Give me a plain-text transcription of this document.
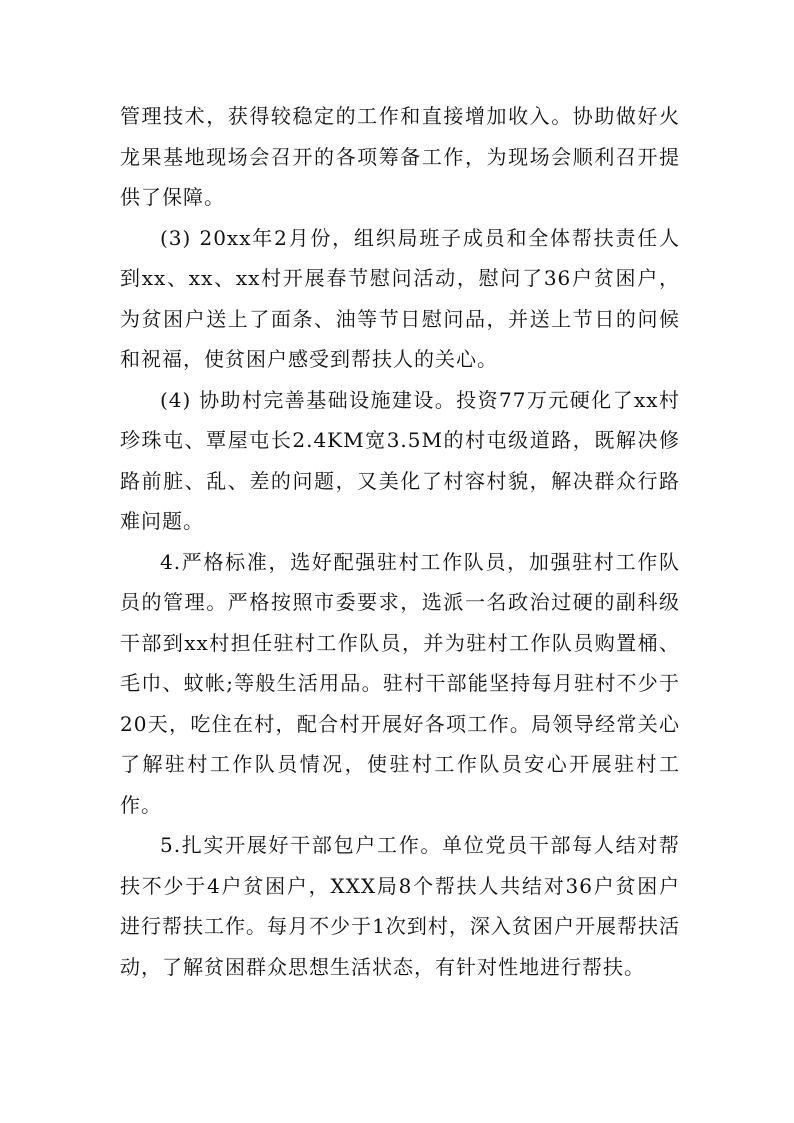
管理技术，获得较稳定的工作和直接增加收入。协助做好火龙果基地现场会召开的各项筹备工作，为现场会顺利召开提供了保障。

(3) 20xx年2月份，组织局班子成员和全体帮扶责任人到xx、xx、xx村开展春节慰问活动，慰问了36户贫困户，为贫困户送上了面条、油等节日慰问品，并送上节日的问候和祝福，使贫困户感受到帮扶人的关心。

(4) 协助村完善基础设施建设。投资77万元硬化了xx村珍珠屯、覃屋屯长2.4KM宽3.5M的村屯级道路，既解决修路前脏、乱、差的问题，又美化了村容村貌，解决群众行路难问题。

4.严格标准，选好配强驻村工作队员，加强驻村工作队员的管理。严格按照市委要求，选派一名政治过硬的副科级干部到xx村担任驻村工作队员，并为驻村工作队员购置桶、毛巾、蚊帐;等般生活用品。驻村干部能坚持每月驻村不少于20天，吃住在村，配合村开展好各项工作。局领导经常关心了解驻村工作队员情况，使驻村工作队员安心开展驻村工作。

5.扎实开展好干部包户工作。单位党员干部每人结对帮扶不少于4户贫困户，XXX局8个帮扶人共结对36户贫困户进行帮扶工作。每月不少于1次到村，深入贫困户开展帮扶活动，了解贫困群众思想生活状态，有针对性地进行帮扶。
